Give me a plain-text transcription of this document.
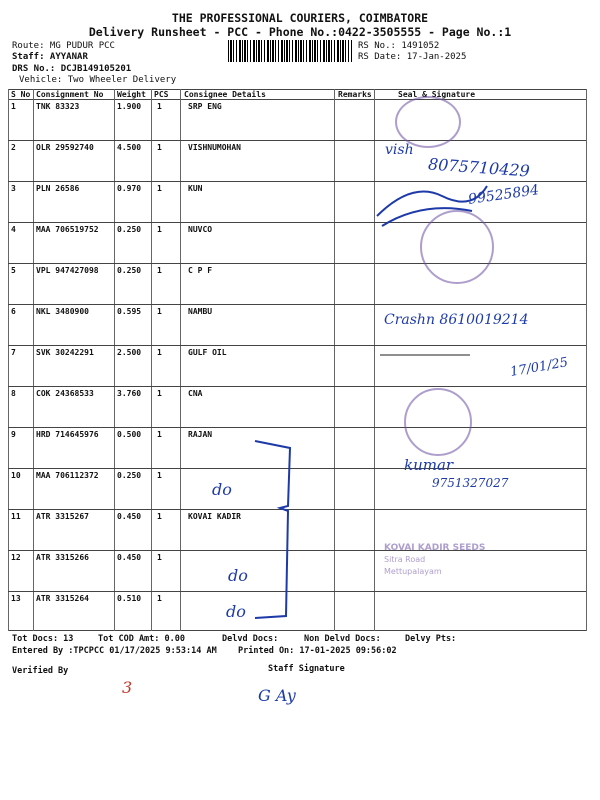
THE PROFESSIONAL COURIERS, COIMBATORE
Delivery Runsheet - PCC - Phone No.:0422-3505555 - Page No.:1
Route: MG PUDUR PCC
Staff: AYYANAR
DRS No.: DCJB149105201
Vehicle: Two Wheeler Delivery
RS No.: 1491052
RS Date: 17-Jan-2025
S No Consignment No Weight PCS Consignee Details	Remarks	Seal & Signature
1	TNK 83323	1.900 1	SRP ENG
2	OLR 29592740	4.500 1	VISHNUMOHAN
3	PLN 26586	0.970 1	KUN
4	MAA 706519752 0.250 1	NUVCO
5	VPL 947427098 0.250 1	C P F
6	NKL 3480900	0.595 1	NAMBU
7	SVK 30242291	2.500 1	GULF OIL
8	COK 24368533	3.760 1	CNA
9	HRD 714645976 0.500 1	RAJAN
10 MAA 706112372 0.250 1
11 ATR 3315267	0.450 1	KOVAI KADIR
12 ATR 3315266	0.450 1
13 ATR 3315264	0.510 1
KOVAI KADIR SEEDS
Sitra Road
Mettupalayam
vish
8075710429
99525894
Crashn 8610019214
17/01/25
kumar
9751327027
do
do
do
3	G Ay
Tot Docs: 13	Tot COD Amt: 0.00	Delvd Docs:	Non Delvd Docs:	Delvy Pts:
Entered By :TPCPCC 01/17/2025 9:53:14 AM	Printed On: 17-01-2025 09:56:02
Verified By	Staff Signature
